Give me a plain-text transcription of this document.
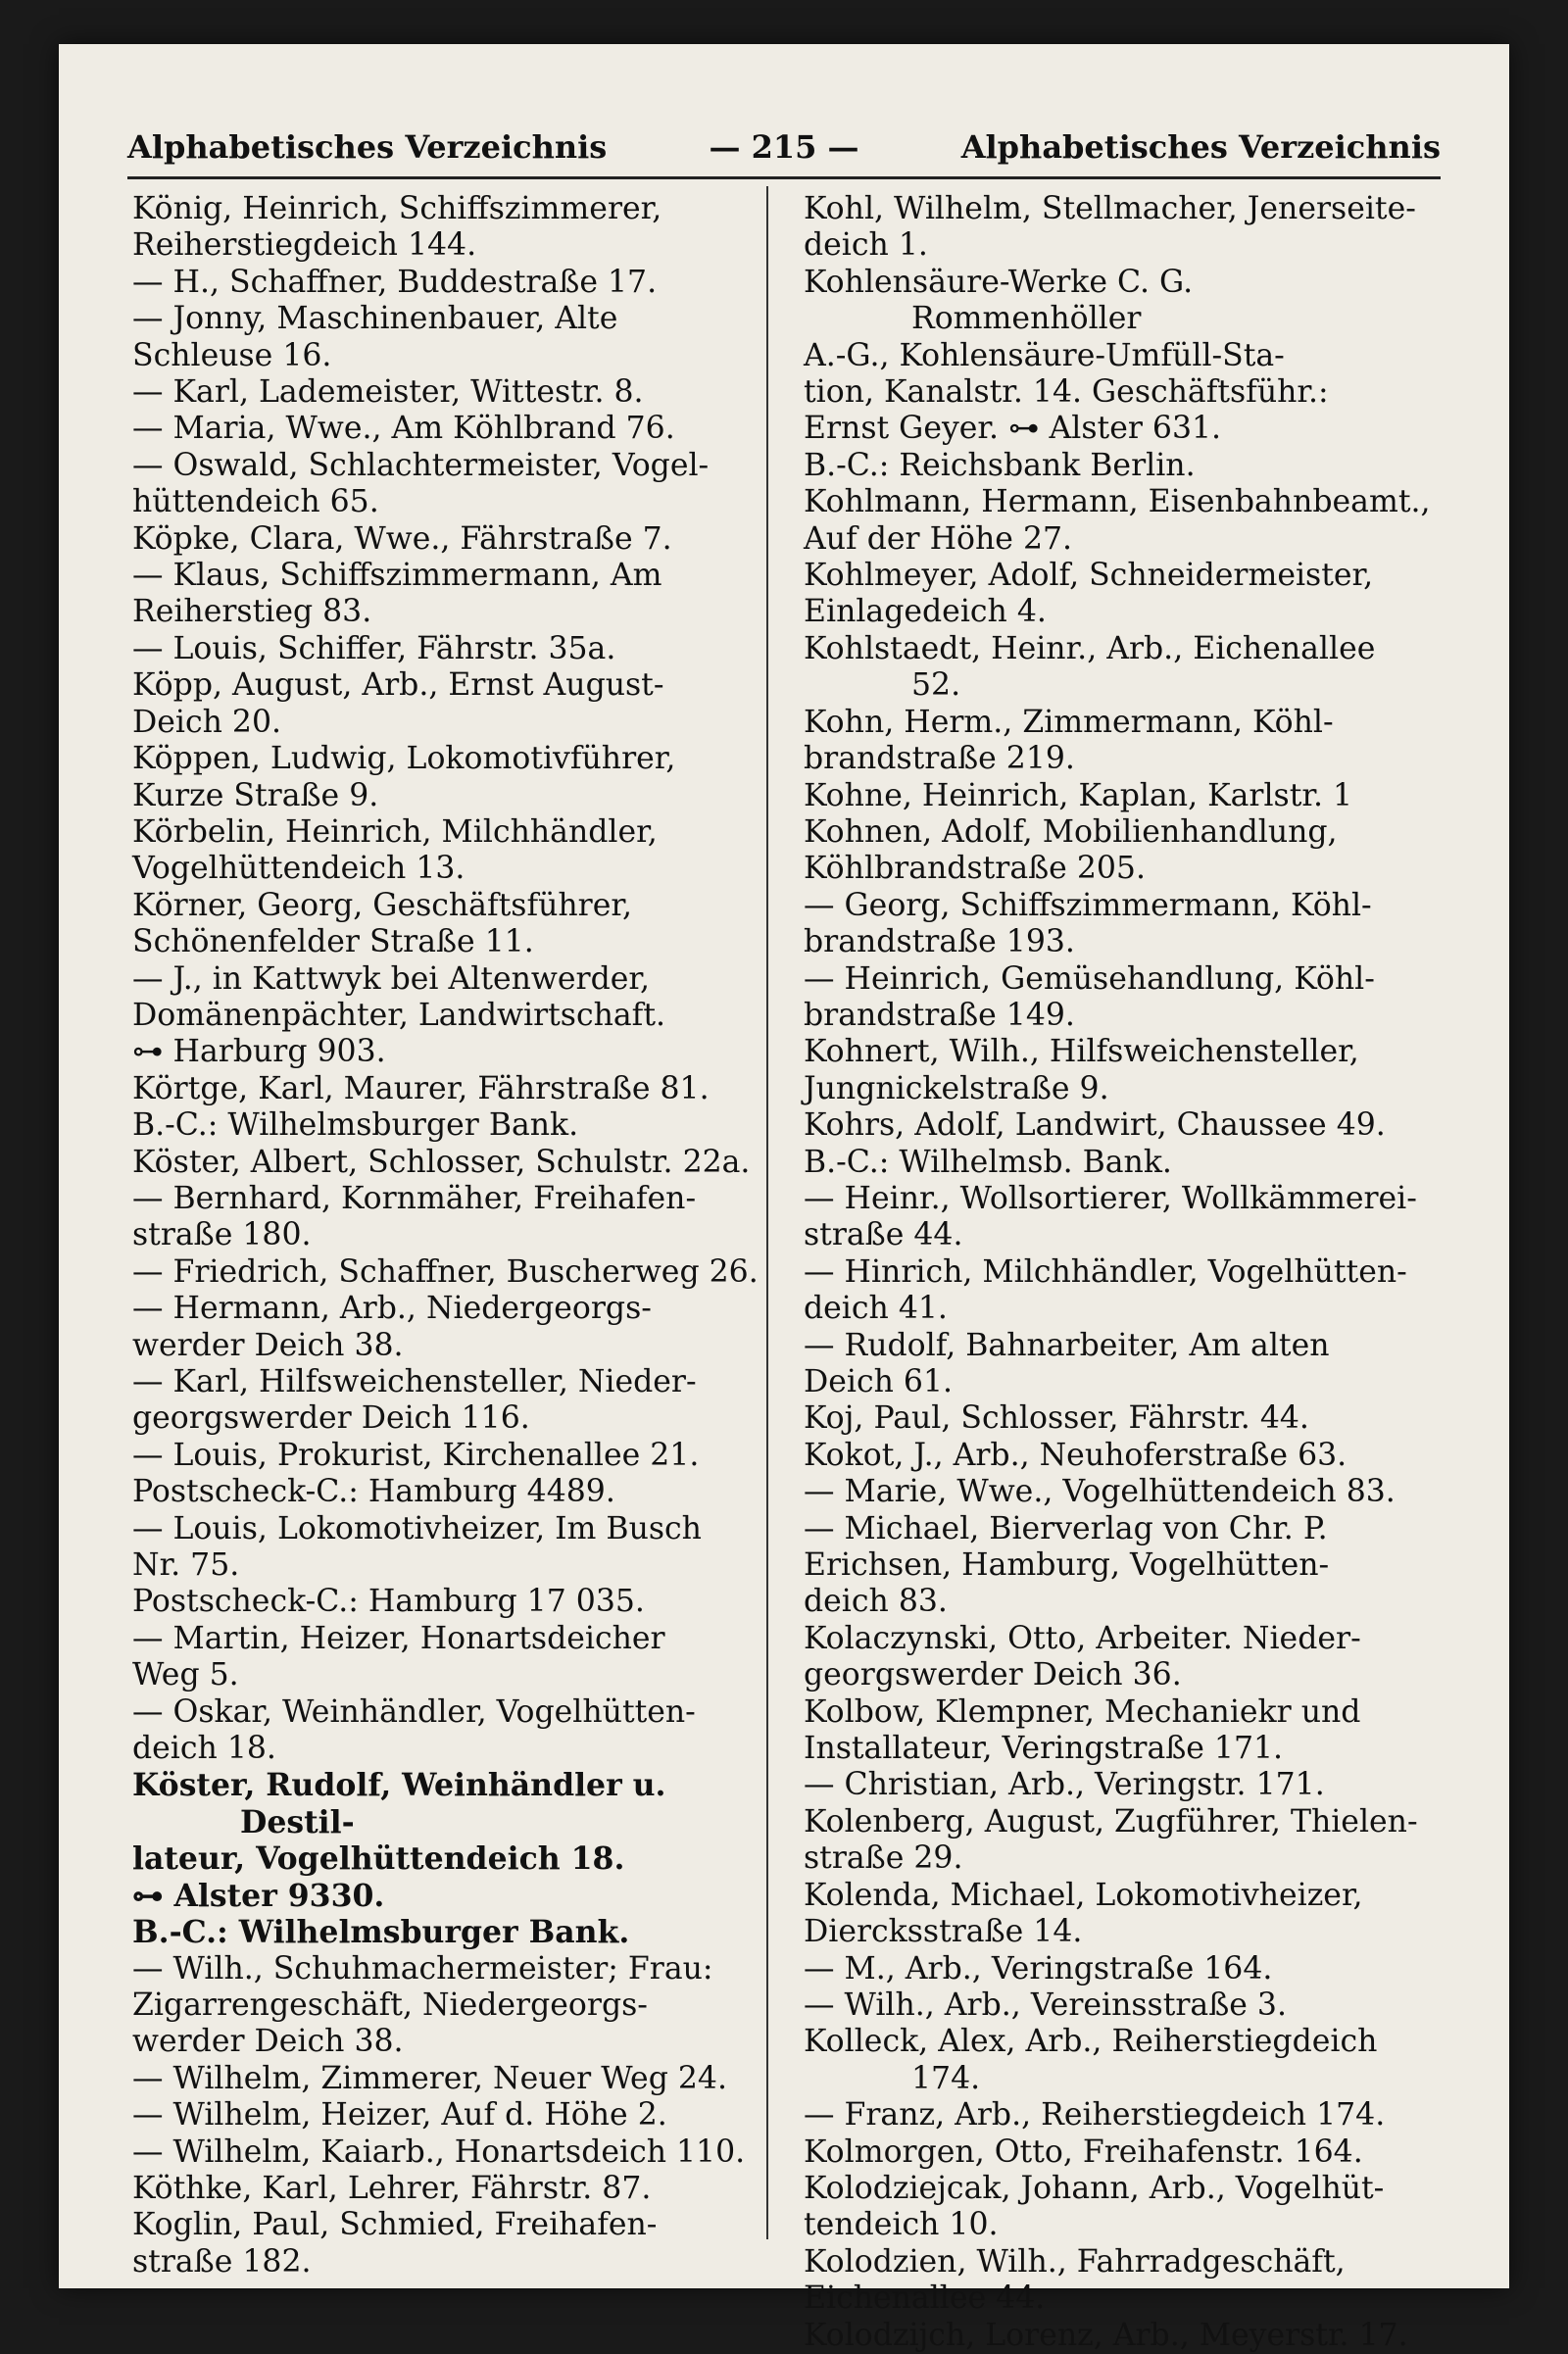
Alphabetisches Verzeichnis	— 215 —	Alphabetisches Verzeichnis
König, Heinrich, Schiffszimmerer,
Reiherstiegdeich 144.
— H., Schaffner, Buddestraße 17.
— Jonny, Maschinenbauer, Alte
Schleuse 16.
— Karl, Lademeister, Wittestr. 8.
— Maria, Wwe., Am Köhlbrand 76.
— Oswald, Schlachtermeister, Vogel-
hüttendeich 65.
Köpke, Clara, Wwe., Fährstraße 7.
— Klaus, Schiffszimmermann, Am
Reiherstieg 83.
— Louis, Schiffer, Fährstr. 35a.
Köpp, August, Arb., Ernst August-
Deich 20.
Köppen, Ludwig, Lokomotivführer,
Kurze Straße 9.
Körbelin, Heinrich, Milchhändler,
Vogelhüttendeich 13.
Körner, Georg, Geschäftsführer,
Schönenfelder Straße 11.
— J., in Kattwyk bei Altenwerder,
Domänenpächter, Landwirtschaft.
⊶ Harburg 903.
Körtge, Karl, Maurer, Fährstraße 81.
B.-C.: Wilhelmsburger Bank.
Köster, Albert, Schlosser, Schulstr. 22a.
— Bernhard, Kornmäher, Freihafen-
straße 180.
— Friedrich, Schaffner, Buscherweg 26.
— Hermann, Arb., Niedergeorgs-
werder Deich 38.
— Karl, Hilfsweichensteller, Nieder-
georgswerder Deich 116.
— Louis, Prokurist, Kirchenallee 21.
Postscheck-C.: Hamburg 4489.
— Louis, Lokomotivheizer, Im Busch
Nr. 75.
Postscheck-C.: Hamburg 17 035.
— Martin, Heizer, Honartsdeicher
Weg 5.
— Oskar, Weinhändler, Vogelhütten-
deich 18.
Köster, Rudolf, Weinhändler u. Destil-
lateur, Vogelhüttendeich 18.
⊶ Alster 9330.
B.-C.: Wilhelmsburger Bank.
— Wilh., Schuhmachermeister; Frau:
Zigarrengeschäft, Niedergeorgs-
werder Deich 38.
— Wilhelm, Zimmerer, Neuer Weg 24.
— Wilhelm, Heizer, Auf d. Höhe 2.
— Wilhelm, Kaiarb., Honartsdeich 110.
Köthke, Karl, Lehrer, Fährstr. 87.
Koglin, Paul, Schmied, Freihafen-
straße 182.
Kohl, Wilhelm, Stellmacher, Jenerseite-
deich 1.
Kohlensäure-Werke C. G. Rommenhöller
A.-G., Kohlensäure-Umfüll-Sta-
tion, Kanalstr. 14. Geschäftsführ.:
Ernst Geyer. ⊶ Alster 631.
B.-C.: Reichsbank Berlin.
Kohlmann, Hermann, Eisenbahnbeamt.,
Auf der Höhe 27.
Kohlmeyer, Adolf, Schneidermeister,
Einlagedeich 4.
Kohlstaedt, Heinr., Arb., Eichenallee 52.
Kohn, Herm., Zimmermann, Köhl-
brandstraße 219.
Kohne, Heinrich, Kaplan, Karlstr. 1
Kohnen, Adolf, Mobilienhandlung,
Köhlbrandstraße 205.
— Georg, Schiffszimmermann, Köhl-
brandstraße 193.
— Heinrich, Gemüsehandlung, Köhl-
brandstraße 149.
Kohnert, Wilh., Hilfsweichensteller,
Jungnickelstraße 9.
Kohrs, Adolf, Landwirt, Chaussee 49.
B.-C.: Wilhelmsb. Bank.
— Heinr., Wollsortierer, Wollkämmerei-
straße 44.
— Hinrich, Milchhändler, Vogelhütten-
deich 41.
— Rudolf, Bahnarbeiter, Am alten
Deich 61.
Koj, Paul, Schlosser, Fährstr. 44.
Kokot, J., Arb., Neuhoferstraße 63.
— Marie, Wwe., Vogelhüttendeich 83.
— Michael, Bierverlag von Chr. P.
Erichsen, Hamburg, Vogelhütten-
deich 83.
Kolaczynski, Otto, Arbeiter. Nieder-
georgswerder Deich 36.
Kolbow, Klempner, Mechaniekr und
Installateur, Veringstraße 171.
— Christian, Arb., Veringstr. 171.
Kolenberg, August, Zugführer, Thielen-
straße 29.
Kolenda, Michael, Lokomotivheizer,
Diercksstraße 14.
— M., Arb., Veringstraße 164.
— Wilh., Arb., Vereinsstraße 3.
Kolleck, Alex, Arb., Reiherstiegdeich 174.
— Franz, Arb., Reiherstiegdeich 174.
Kolmorgen, Otto, Freihafenstr. 164.
Kolodziejcak, Johann, Arb., Vogelhüt-
tendeich 10.
Kolodzien, Wilh., Fahrradgeschäft,
Eichenallee 44.
Kolodzijch, Lorenz, Arb., Meyerstr. 17.
